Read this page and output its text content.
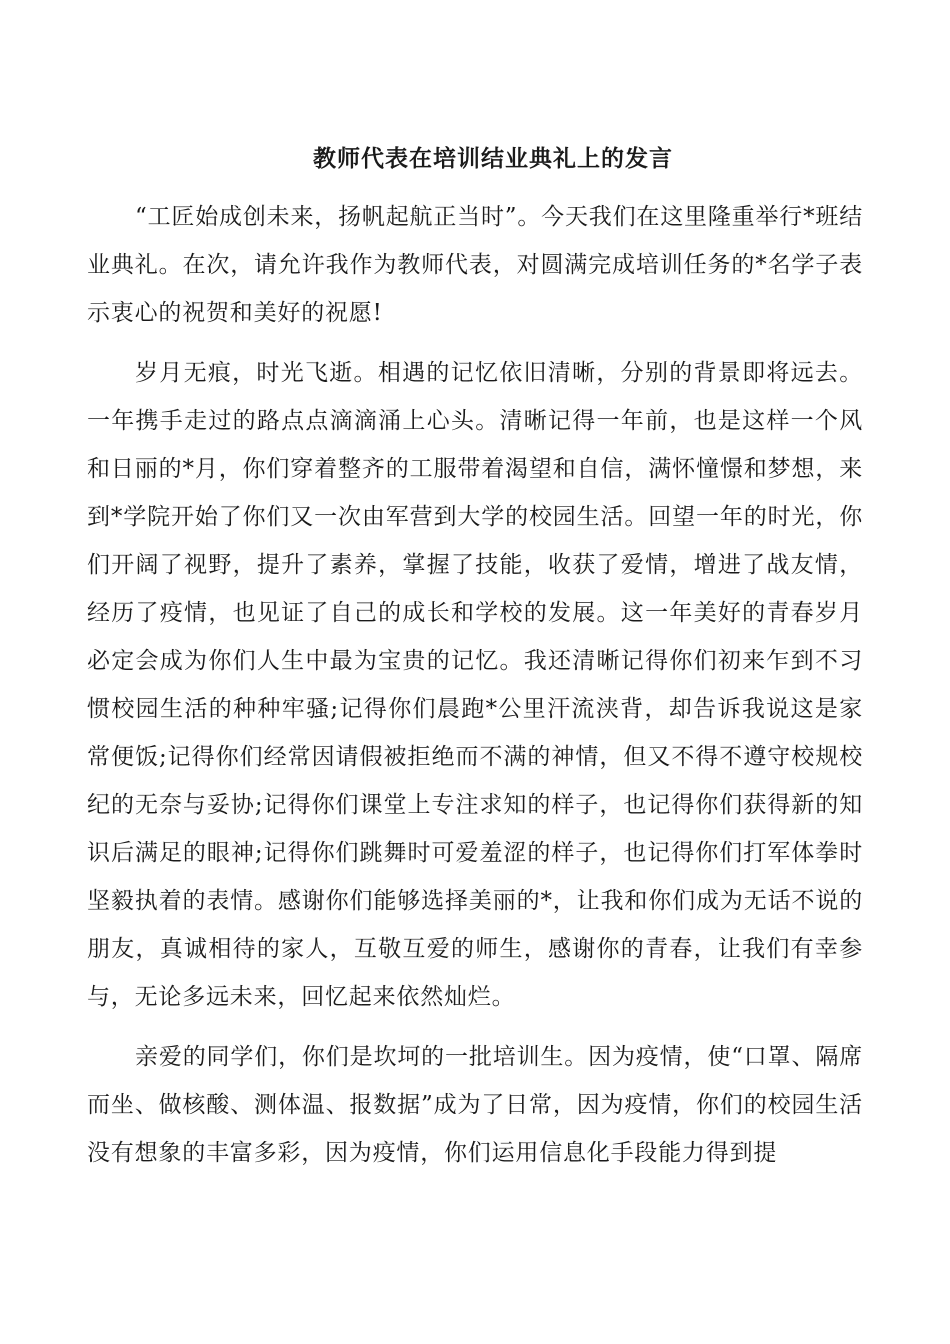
教师代表在培训结业典礼上的发言

“工匠始成创未来，扬帆起航正当时”。今天我们在这里隆重举行*班结业典礼。在次，请允许我作为教师代表，对圆满完成培训任务的*名学子表示衷心的祝贺和美好的祝愿!

岁月无痕，时光飞逝。相遇的记忆依旧清晰，分别的背景即将远去。一年携手走过的路点点滴滴涌上心头。清晰记得一年前，也是这样一个风和日丽的*月，你们穿着整齐的工服带着渴望和自信，满怀憧憬和梦想，来到*学院开始了你们又一次由军营到大学的校园生活。回望一年的时光，你们开阔了视野，提升了素养，掌握了技能，收获了爱情，增进了战友情，经历了疫情，也见证了自己的成长和学校的发展。这一年美好的青春岁月必定会成为你们人生中最为宝贵的记忆。我还清晰记得你们初来乍到不习惯校园生活的种种牢骚;记得你们晨跑*公里汗流浃背，却告诉我说这是家常便饭;记得你们经常因请假被拒绝而不满的神情，但又不得不遵守校规校纪的无奈与妥协;记得你们课堂上专注求知的样子，也记得你们获得新的知识后满足的眼神;记得你们跳舞时可爱羞涩的样子，也记得你们打军体拳时坚毅执着的表情。感谢你们能够选择美丽的*，让我和你们成为无话不说的朋友，真诚相待的家人，互敬互爱的师生，感谢你的青春，让我们有幸参与，无论多远未来，回忆起来依然灿烂。

亲爱的同学们，你们是坎坷的一批培训生。因为疫情，使“口罩、隔席而坐、做核酸、测体温、报数据”成为了日常，因为疫情，你们的校园生活没有想象的丰富多彩，因为疫情，你们运用信息化手段能力得到提
